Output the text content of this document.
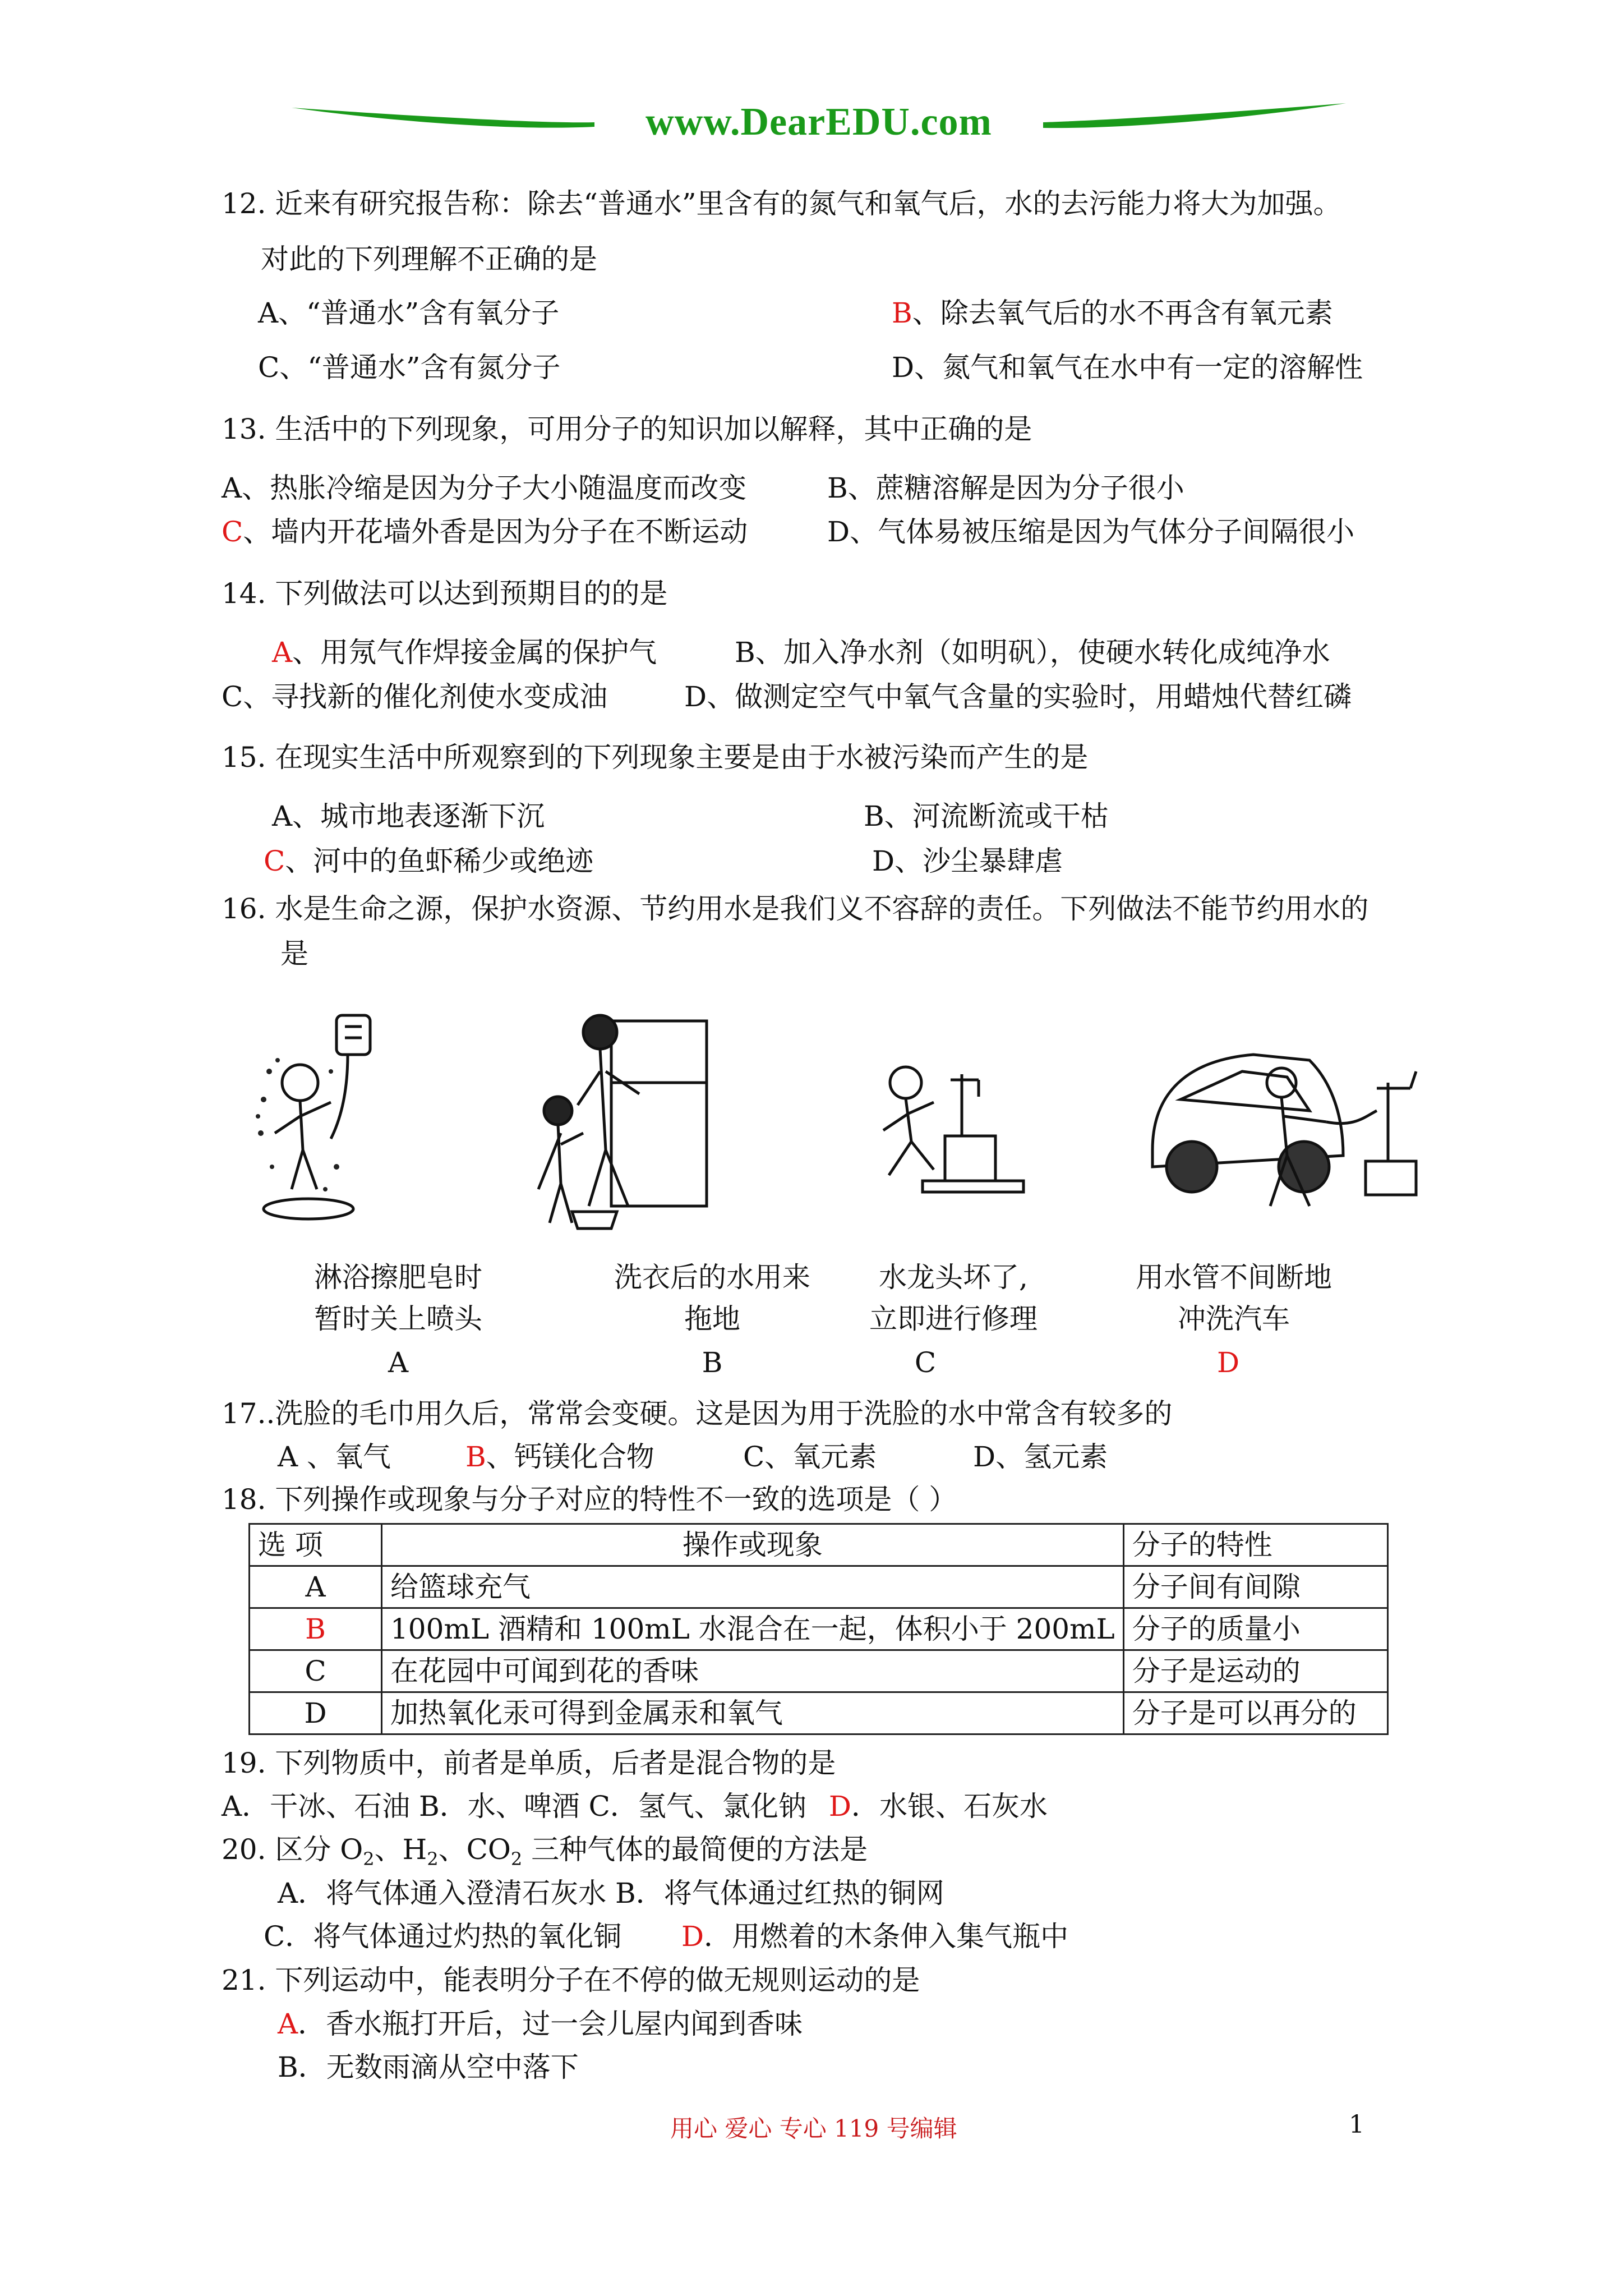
www.DearEDU.com
12. 近来有研究报告称：除去“普通水”里含有的氮气和氧气后，水的去污能力将大为加强。
对此的下列理解不正确的是
A、“普通水”含有氧分子	B、除去氧气后的水不再含有氧元素
C、“普通水”含有氮分子	D、氮气和氧气在水中有一定的溶解性
13. 生活中的下列现象，可用分子的知识加以解释，其中正确的是
A、热胀冷缩是因为分子大小随温度而改变	B、蔗糖溶解是因为分子很小
C、墙内开花墙外香是因为分子在不断运动	D、气体易被压缩是因为气体分子间隔很小
14. 下列做法可以达到预期目的的是
A、用氖气作焊接金属的保护气	B、加入净水剂（如明矾），使硬水转化成纯净水
C、寻找新的催化剂使水变成油	D、做测定空气中氧气含量的实验时，用蜡烛代替红磷
15. 在现实生活中所观察到的下列现象主要是由于水被污染而产生的是
A、城市地表逐渐下沉	B、河流断流或干枯
C、河中的鱼虾稀少或绝迹	D、沙尘暴肆虐
16. 水是生命之源，保护水资源、节约用水是我们义不容辞的责任。下列做法不能节约用水的
是
淋浴擦肥皂时
暂时关上喷头
洗衣后的水用来
拖地
水龙头坏了,
立即进行修理
用水管不间断地
冲洗汽车
A	B	C	D
17..洗脸的毛巾用久后，常常会变硬。这是因为用于洗脸的水中常含有较多的
A 、氧气	B、钙镁化合物	C、氧元素	D、氢元素
18. 下列操作或现象与分子对应的特性不一致的选项是（ ）
选 项	操作或现象	分子的特性
A	给篮球充气	分子间有间隙
B	100mL 酒精和 100mL 水混合在一起，体积小于 200mL	分子的质量小
C	在花园中可闻到花的香味	分子是运动的
D	加热氧化汞可得到金属汞和氧气	分子是可以再分的
19. 下列物质中，前者是单质，后者是混合物的是
A．干冰、石油 B．水、啤酒 C．氢气、氯化钠 D．水银、石灰水
20. 区分 $O_2$、$H_2$、$CO_2$ 三种气体的最简便的方法是
A．将气体通入澄清石灰水 B．将气体通过红热的铜网
C．将气体通过灼热的氧化铜 D．用燃着的木条伸入集气瓶中
21. 下列运动中，能表明分子在不停的做无规则运动的是
A．香水瓶打开后，过一会儿屋内闻到香味
B．无数雨滴从空中落下
用心 爱心 专心 119 号编辑	1
